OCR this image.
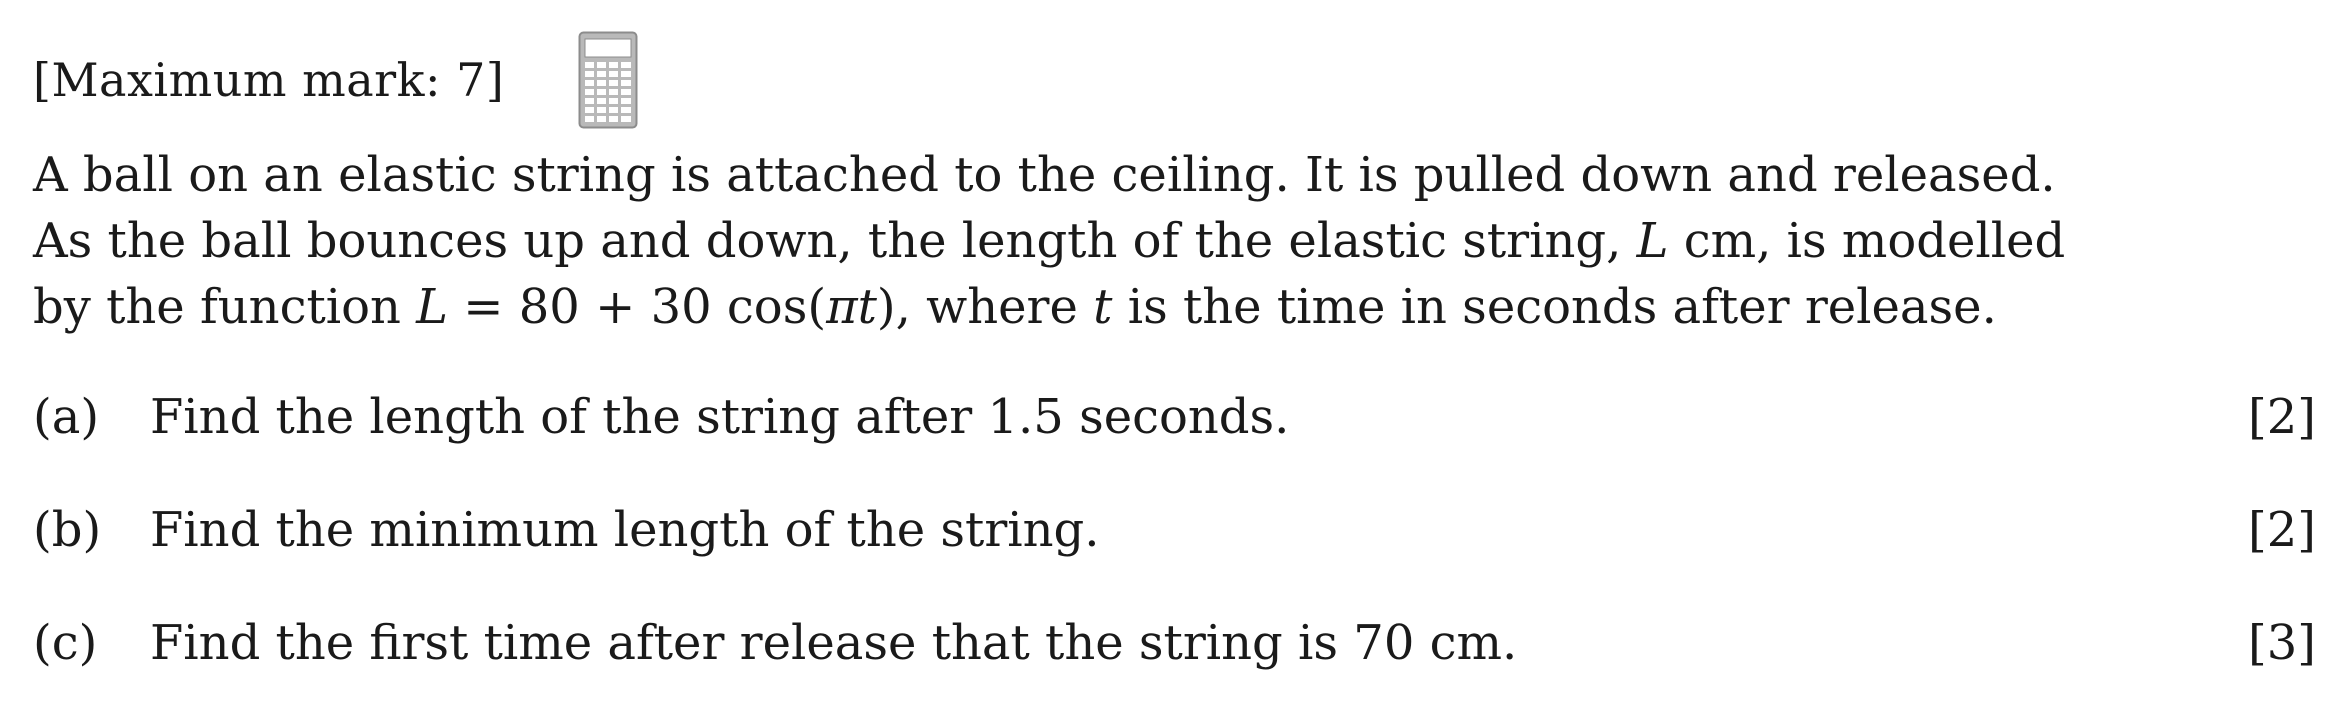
[Maximum mark: 7]
A ball on an elastic string is attached to the ceiling. It is pulled down and released.
As the ball bounces up and down, the length of the elastic string, L cm, is modelled
by the function L = 80 + 30 cos(πt), where t is the time in seconds after release.
(a) Find the length of the string after 1.5 seconds.	[2]
(b) Find the minimum length of the string.	[2]
(c) Find the first time after release that the string is 70 cm.	[3]
